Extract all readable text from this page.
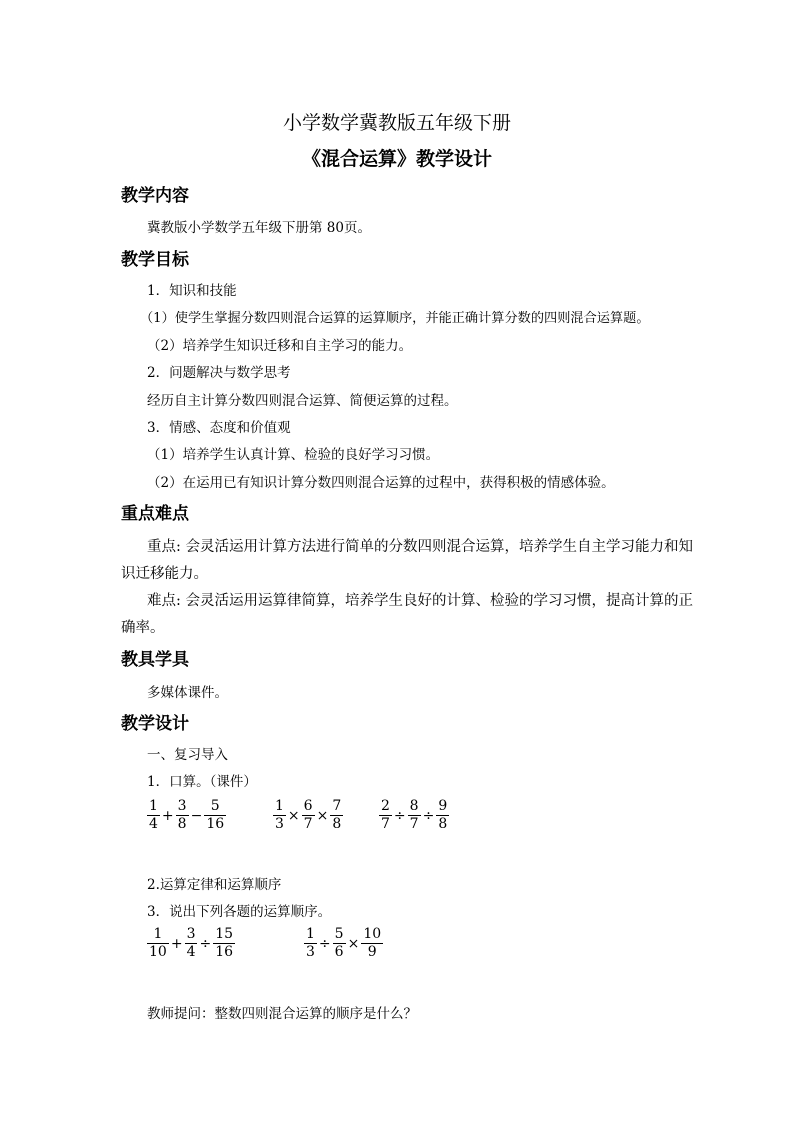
小学数学冀教版五年级下册
《混合运算》教学设计
教学内容
冀教版小学数学五年级下册第 80页。
教学目标
1．知识和技能
（1）使学生掌握分数四则混合运算的运算顺序，并能正确计算分数的四则混合运算题。
（2）培养学生知识迁移和自主学习的能力。
2．问题解决与数学思考
经历自主计算分数四则混合运算、简便运算的过程。
3．情感、态度和价值观
（1）培养学生认真计算、检验的良好学习习惯。
（2）在运用已有知识计算分数四则混合运算的过程中，获得积极的情感体验。
重点难点
重点: 会灵活运用计算方法进行简单的分数四则混合运算，培养学生自主学习能力和知
识迁移能力。
难点: 会灵活运用运算律简算，培养学生良好的计算、检验的学习习惯，提高计算的正
确率。
教具学具
多媒体课件。
教学设计
一、复习导入
1．口算。（课件）
$\frac{1}{4} + \frac{3}{8} - \frac{5}{16}$	$\frac{1}{3} \times \frac{6}{7} \times \frac{7}{8}$	$\frac{2}{7} \div \frac{8}{7} \div \frac{9}{8}$
2.运算定律和运算顺序
3．说出下列各题的运算顺序。
$\frac{1}{10} + \frac{3}{4} \div \frac{15}{16}$	$\frac{1}{3} \div \frac{5}{6} \times \frac{10}{9}$
教师提问：整数四则混合运算的顺序是什么？
